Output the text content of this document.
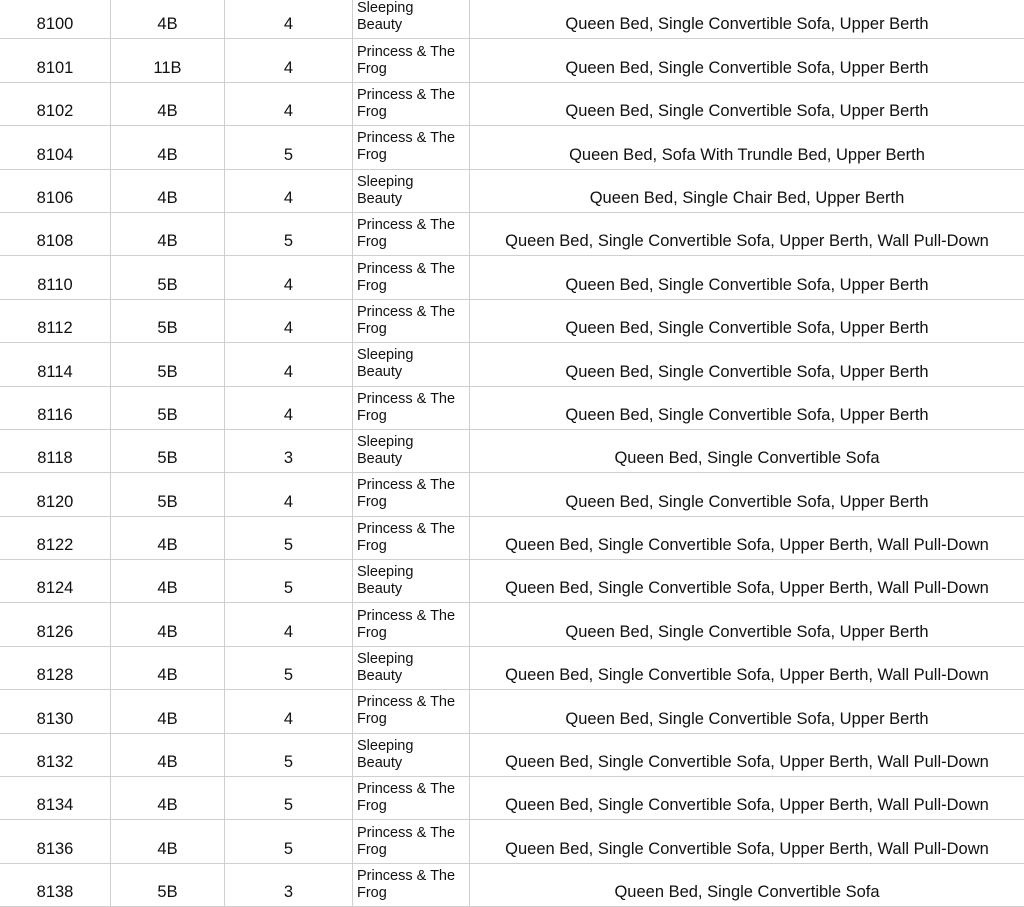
8100	4B	4	Sleeping
Beauty	Queen Bed, Single Convertible Sofa, Upper Berth
8101	11B	4	Princess & The
Frog	Queen Bed, Single Convertible Sofa, Upper Berth
8102	4B	4	Princess & The
Frog	Queen Bed, Single Convertible Sofa, Upper Berth
8104	4B	5	Princess & The
Frog	Queen Bed, Sofa With Trundle Bed, Upper Berth
8106	4B	4	Sleeping
Beauty	Queen Bed, Single Chair Bed, Upper Berth
8108	4B	5	Princess & The
Frog	Queen Bed, Single Convertible Sofa, Upper Berth, Wall Pull-Down
8110	5B	4	Princess & The
Frog	Queen Bed, Single Convertible Sofa, Upper Berth
8112	5B	4	Princess & The
Frog	Queen Bed, Single Convertible Sofa, Upper Berth
8114	5B	4	Sleeping
Beauty	Queen Bed, Single Convertible Sofa, Upper Berth
8116	5B	4	Princess & The
Frog	Queen Bed, Single Convertible Sofa, Upper Berth
8118	5B	3	Sleeping
Beauty	Queen Bed, Single Convertible Sofa
8120	5B	4	Princess & The
Frog	Queen Bed, Single Convertible Sofa, Upper Berth
8122	4B	5	Princess & The
Frog	Queen Bed, Single Convertible Sofa, Upper Berth, Wall Pull-Down
8124	4B	5	Sleeping
Beauty	Queen Bed, Single Convertible Sofa, Upper Berth, Wall Pull-Down
8126	4B	4	Princess & The
Frog	Queen Bed, Single Convertible Sofa, Upper Berth
8128	4B	5	Sleeping
Beauty	Queen Bed, Single Convertible Sofa, Upper Berth, Wall Pull-Down
8130	4B	4	Princess & The
Frog	Queen Bed, Single Convertible Sofa, Upper Berth
8132	4B	5	Sleeping
Beauty	Queen Bed, Single Convertible Sofa, Upper Berth, Wall Pull-Down
8134	4B	5	Princess & The
Frog	Queen Bed, Single Convertible Sofa, Upper Berth, Wall Pull-Down
8136	4B	5	Princess & The
Frog	Queen Bed, Single Convertible Sofa, Upper Berth, Wall Pull-Down
8138	5B	3	Princess & The
Frog	Queen Bed, Single Convertible Sofa
